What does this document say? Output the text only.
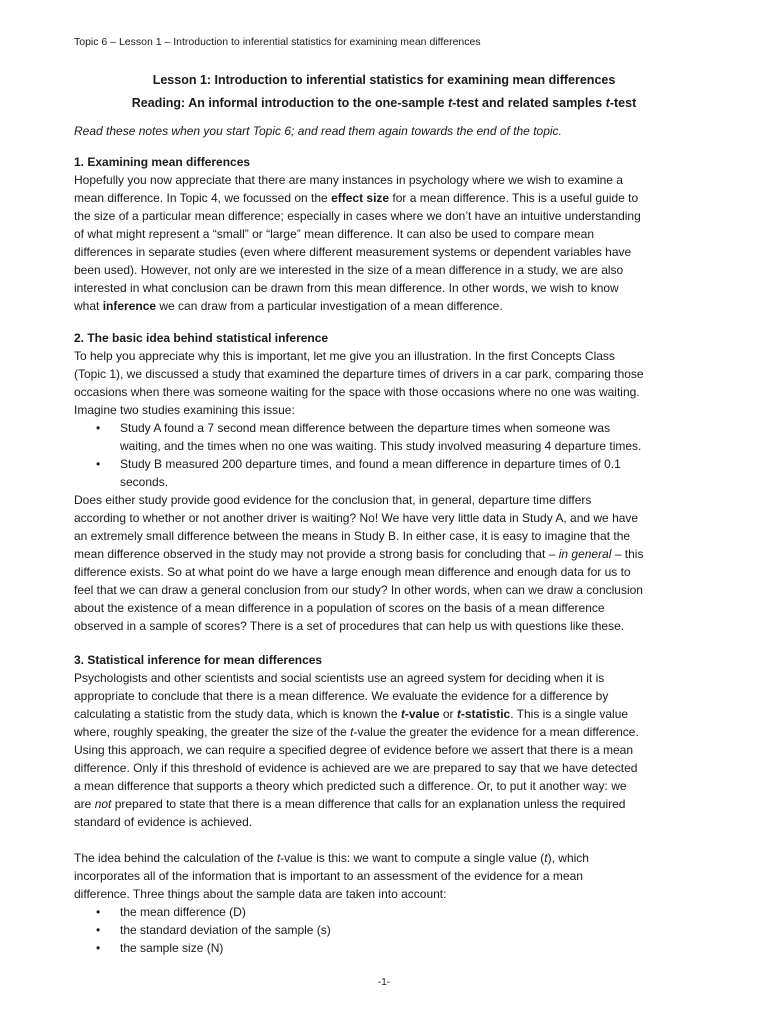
Topic 6 – Lesson 1 – Introduction to inferential statistics for examining mean differences
Lesson 1: Introduction to inferential statistics for examining mean differences
Reading: An informal introduction to the one-sample t-test and related samples t-test
Read these notes when you start Topic 6; and read them again towards the end of the topic.
1. Examining mean differences

Hopefully you now appreciate that there are many instances in psychology where we wish to examine a
mean difference. In Topic 4, we focussed on the effect size for a mean difference. This is a useful guide to
the size of a particular mean difference; especially in cases where we don’t have an intuitive understanding
of what might represent a “small” or “large” mean difference. It can also be used to compare mean
differences in separate studies (even where different measurement systems or dependent variables have
been used). However, not only are we interested in the size of a mean difference in a study, we are also
interested in what conclusion can be drawn from this mean difference. In other words, we wish to know
what inference we can draw from a particular investigation of a mean difference.

2. The basic idea behind statistical inference

To help you appreciate why this is important, let me give you an illustration. In the first Concepts Class
(Topic 1), we discussed a study that examined the departure times of drivers in a car park, comparing those
occasions when there was someone waiting for the space with those occasions where no one was waiting.
Imagine two studies examining this issue:

• Study A found a 7 second mean difference between the departure times when someone was
waiting, and the times when no one was waiting. This study involved measuring 4 departure times.
• Study B measured 200 departure times, and found a mean difference in departure times of 0.1
seconds.

Does either study provide good evidence for the conclusion that, in general, departure time differs
according to whether or not another driver is waiting? No! We have very little data in Study A, and we have
an extremely small difference between the means in Study B. In either case, it is easy to imagine that the
mean difference observed in the study may not provide a strong basis for concluding that – in general – this
difference exists. So at what point do we have a large enough mean difference and enough data for us to
feel that we can draw a general conclusion from our study? In other words, when can we draw a conclusion
about the existence of a mean difference in a population of scores on the basis of a mean difference
observed in a sample of scores? There is a set of procedures that can help us with questions like these.

3. Statistical inference for mean differences

Psychologists and other scientists and social scientists use an agreed system for deciding when it is
appropriate to conclude that there is a mean difference. We evaluate the evidence for a difference by
calculating a statistic from the study data, which is known the t-value or t-statistic. This is a single value
where, roughly speaking, the greater the size of the t-value the greater the evidence for a mean difference.
Using this approach, we can require a specified degree of evidence before we assert that there is a mean
difference. Only if this threshold of evidence is achieved are we are prepared to say that we have detected
a mean difference that supports a theory which predicted such a difference. Or, to put it another way: we
are not prepared to state that there is a mean difference that calls for an explanation unless the required
standard of evidence is achieved.

The idea behind the calculation of the t-value is this: we want to compute a single value (t), which
incorporates all of the information that is important to an assessment of the evidence for a mean
difference. Three things about the sample data are taken into account:

• the mean difference (D)
• the standard deviation of the sample (s)
• the sample size (N)
-1-
